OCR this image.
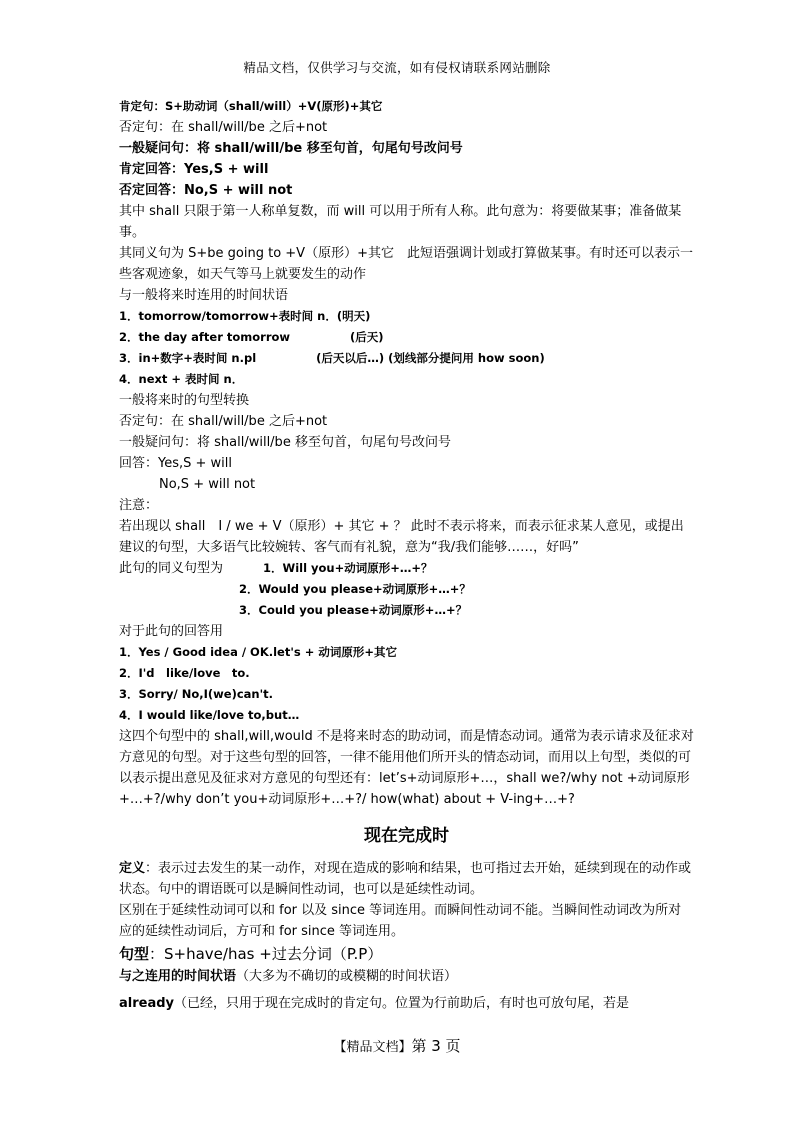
精品文档，仅供学习与交流，如有侵权请联系网站删除
肯定句：S+助动词（shall/will）+V(原形)+其它
否定句：在 shall/will/be 之后+not
一般疑问句：将 shall/will/be 移至句首，句尾句号改问号
肯定回答：Yes,S + will
否定回答：No,S + will not
其中 shall 只限于第一人称单复数，而 will 可以用于所有人称。此句意为：将要做某事；准备做某事。
其同义句为 S+be going to +V（原形）+其它　此短语强调计划或打算做某事。有时还可以表示一些客观迹象，如天气等马上就要发生的动作
与一般将来时连用的时间状语
1．tomorrow/tomorrow+表时间 n．(明天)
2．the day after tomorrow	(后天)
3．in+数字+表时间 n.pl	(后天以后…) (划线部分提问用 how soon)
4．next + 表时间 n．
一般将来时的句型转换
否定句：在 shall/will/be 之后+not
一般疑问句：将 shall/will/be 移至句首，句尾句号改问号
回答：Yes,S + will
No,S + will not
注意：
若出现以 shall　I / we + V（原形）+ 其它 + ？ 此时不表示将来，而表示征求某人意见，或提出建议的句型，大多语气比较婉转、客气而有礼貌，意为“我/我们能够……，好吗”
此句的同义句型为	1．Will you+动词原形+…+？
2．Would you please+动词原形+…+？
3．Could you please+动词原形+…+？
对于此句的回答用
1．Yes / Good idea / OK.let's + 动词原形+其它
2．I'd　like/love　to.
3．Sorry/ No,I(we)can't.
4．I would like/love to,but…
这四个句型中的 shall,will,would 不是将来时态的助动词，而是情态动词。通常为表示请求及征求对方意见的句型。对于这些句型的回答，一律不能用他们所开头的情态动词，而用以上句型，类似的可以表示提出意见及征求对方意见的句型还有：let’s+动词原形+…，shall we?/why not +动词原形+…+?/why don’t you+动词原形+…+?/ how(what) about + V-ing+…+?
现在完成时
定义：表示过去发生的某一动作，对现在造成的影响和结果，也可指过去开始，延续到现在的动作或状态。句中的谓语既可以是瞬间性动词，也可以是延续性动词。
区别在于延续性动词可以和 for 以及 since 等词连用。而瞬间性动词不能。当瞬间性动词改为所对应的延续性动词后，方可和 for since 等词连用。
句型：S+have/has +过去分词（P.P）
与之连用的时间状语（大多为不确切的或模糊的时间状语）
already（已经，只用于现在完成时的肯定句。位置为行前助后，有时也可放句尾，若是
【精品文档】第 3 页
